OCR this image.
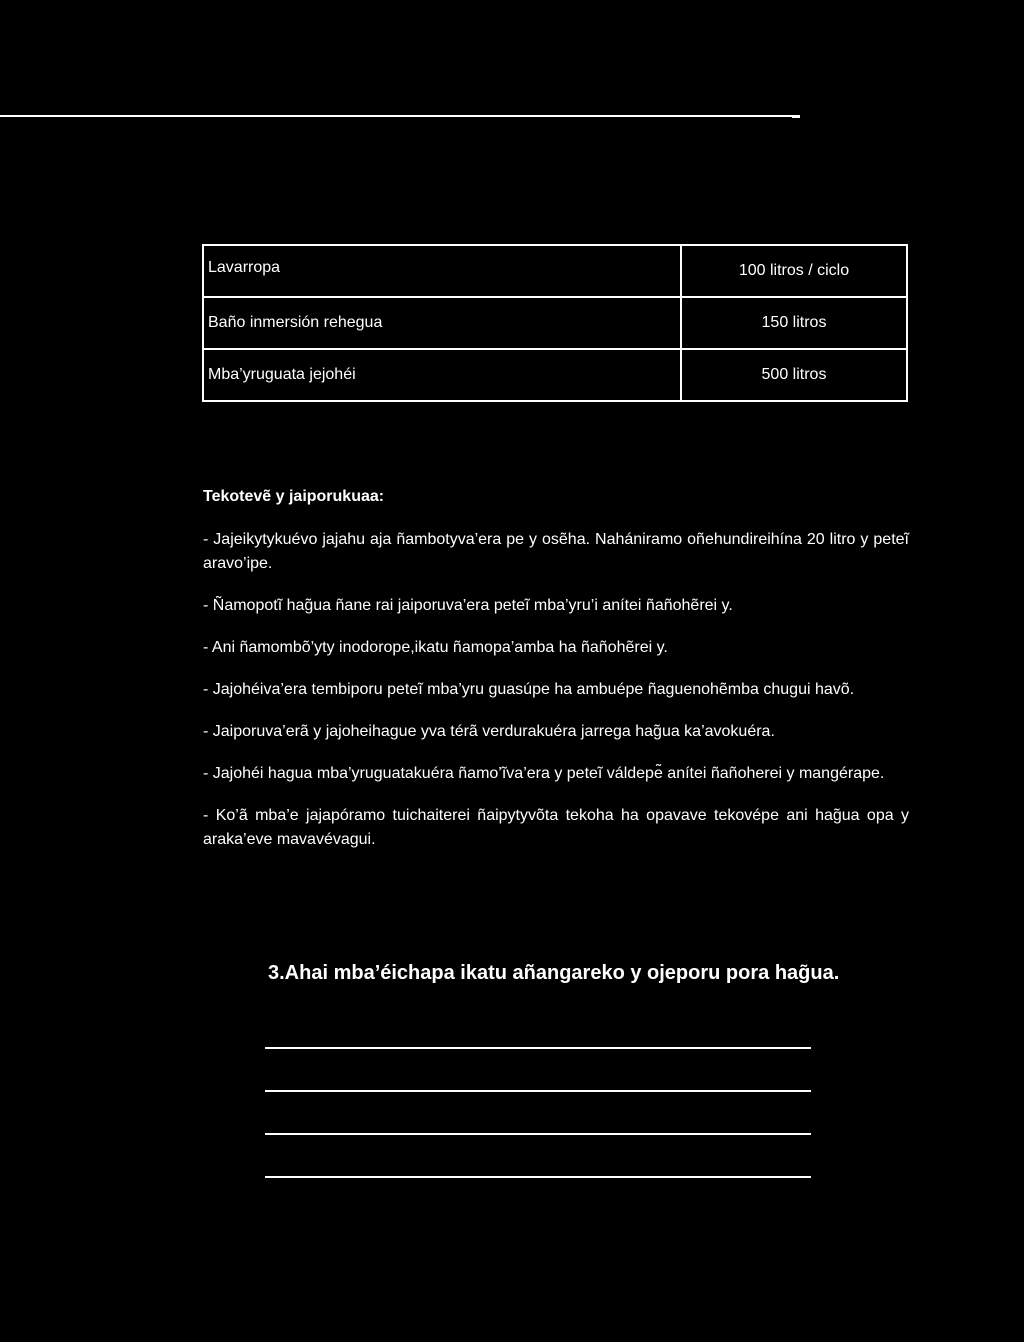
Lavarropa	100 litros / ciclo
Baño inmersión rehegua	150 litros
Mba’yruguata jejohéi	500 litros

Tekotevẽ y jaiporukuaa:

- Jajeikytykuévo jajahu aja ñambotyva’era pe y osẽha. Nahániramo oñehundireihína 20 litro y peteĩ aravo’ipe.

- Ñamopotĩ hag̃ua ñane rai jaiporuva’era peteĩ mba’yru’i anítei ñañohẽrei y.

- Ani ñamombo͂’yty inodorope,ikatu ñamopa’amba ha ñañohẽrei y.

- Jajohéiva’era tembiporu peteĩ mba’yru guasúpe ha ambuépe ñaguenohẽmba chugui havõ.

- Jaiporuva’erã y jajoheihague yva térã verdurakuéra jarrega hag̃ua ka’avokuéra.

- Jajohéi hagua mba’yruguatakuéra ñamo’ĩva’era y peteĩ váldepe͂ anítei ñañoherei y mangérape.

- Ko’ã mba’e jajapóramo tuichaiterei ñaipytyvõta tekoha ha opavave tekovépe ani hag̃ua opa y araka’eve mavavévagui.

3.Ahai mba’éichapa ikatu añangareko y ojeporu pora hag̃ua.
